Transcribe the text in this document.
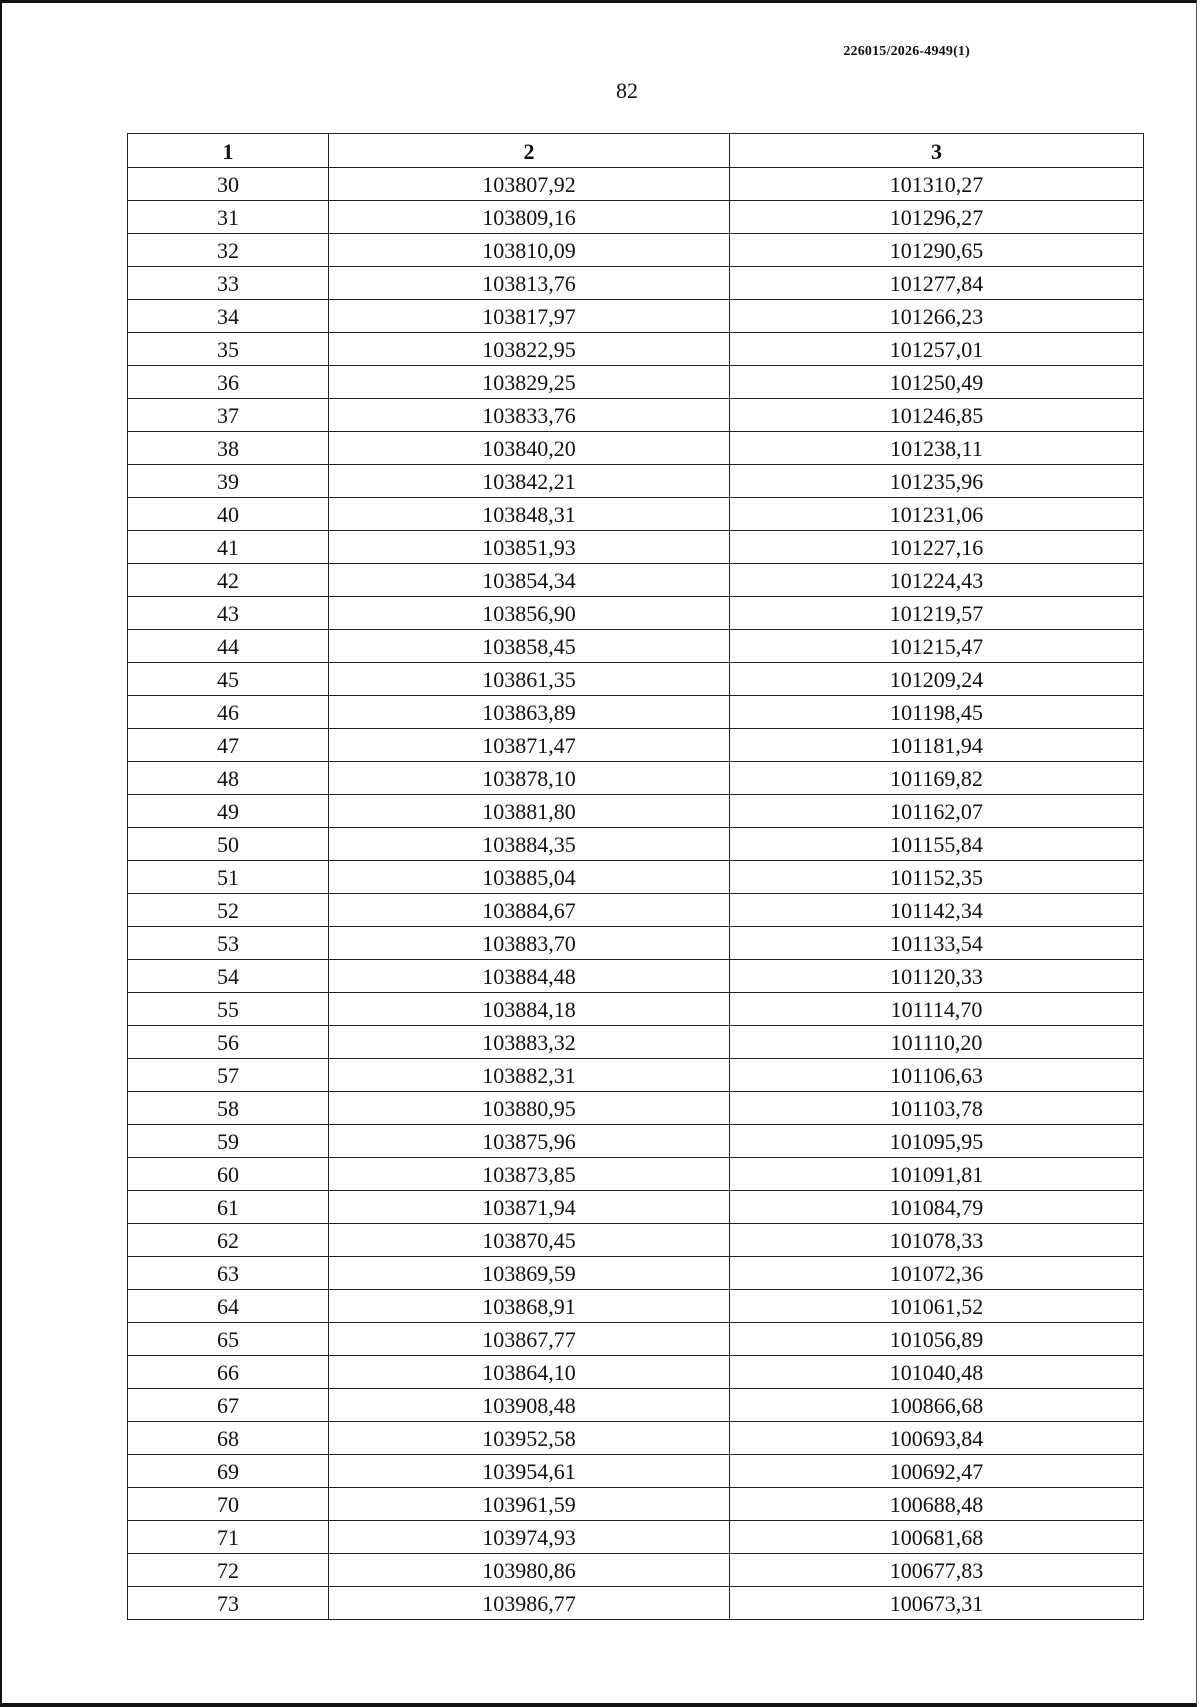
226015/2026-4949(1)
82
1	2	3
30	103807,92	101310,27
31	103809,16	101296,27
32	103810,09	101290,65
33	103813,76	101277,84
34	103817,97	101266,23
35	103822,95	101257,01
36	103829,25	101250,49
37	103833,76	101246,85
38	103840,20	101238,11
39	103842,21	101235,96
40	103848,31	101231,06
41	103851,93	101227,16
42	103854,34	101224,43
43	103856,90	101219,57
44	103858,45	101215,47
45	103861,35	101209,24
46	103863,89	101198,45
47	103871,47	101181,94
48	103878,10	101169,82
49	103881,80	101162,07
50	103884,35	101155,84
51	103885,04	101152,35
52	103884,67	101142,34
53	103883,70	101133,54
54	103884,48	101120,33
55	103884,18	101114,70
56	103883,32	101110,20
57	103882,31	101106,63
58	103880,95	101103,78
59	103875,96	101095,95
60	103873,85	101091,81
61	103871,94	101084,79
62	103870,45	101078,33
63	103869,59	101072,36
64	103868,91	101061,52
65	103867,77	101056,89
66	103864,10	101040,48
67	103908,48	100866,68
68	103952,58	100693,84
69	103954,61	100692,47
70	103961,59	100688,48
71	103974,93	100681,68
72	103980,86	100677,83
73	103986,77	100673,31
